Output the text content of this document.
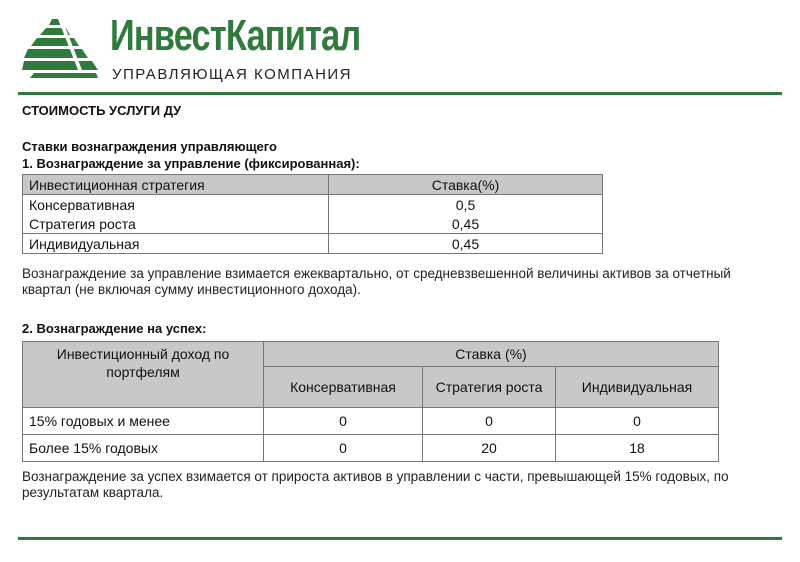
ИнвестКапитал
УПРАВЛЯЮЩАЯ КОМПАНИЯ
СТОИМОСТЬ УСЛУГИ ДУ
Ставки вознаграждения управляющего
1. Вознаграждение за управление (фиксированная):
Инвестиционная стратегия	Ставка(%)
Консервативная	0,5
Стратегия роста	0,45
Индивидуальная	0,45
Вознаграждение за управление взимается ежеквартально, от средневзвешенной величины активов за отчетный квартал (не включая сумму инвестиционного дохода).
2. Вознаграждение на успех:
Инвестиционный доход по портфелям	Ставка (%)		
	Консервативная	Стратегия роста	Индивидуальная
15% годовых и менее	0	0	0
Более 15% годовых	0	20	18
Вознаграждение за успех взимается от прироста активов в управлении с части, превышающей 15% годовых, по результатам квартала.
